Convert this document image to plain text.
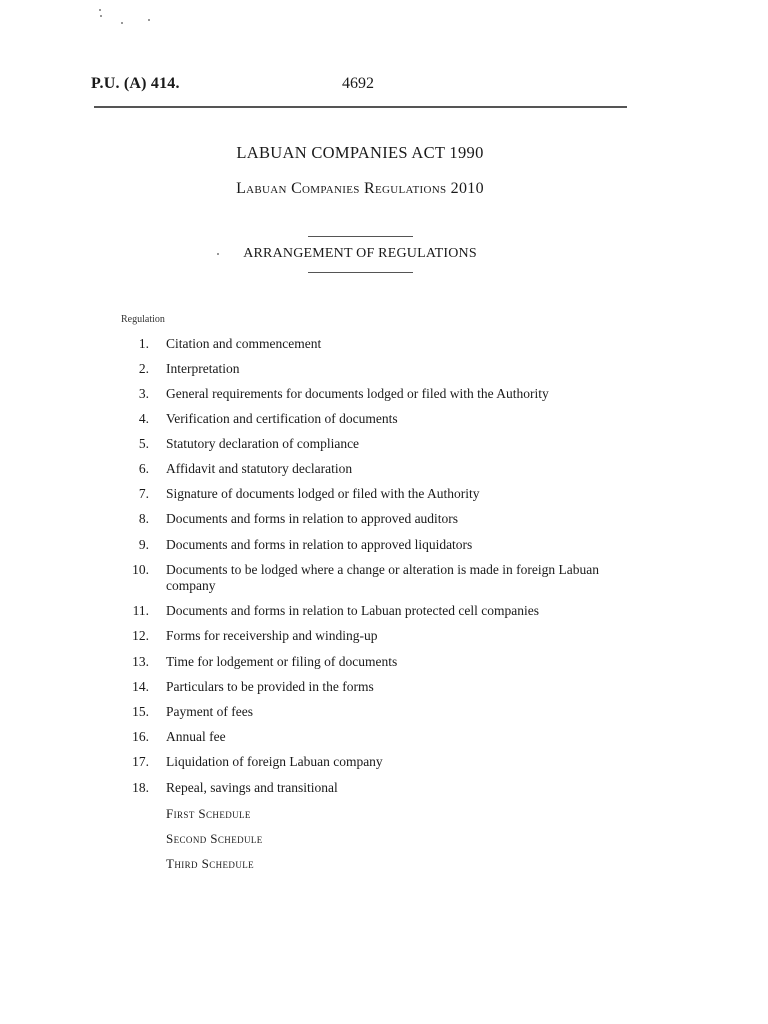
P.U. (A) 414.	4692
LABUAN COMPANIES ACT 1990
Labuan Companies Regulations 2010
ARRANGEMENT OF REGULATIONS
Regulation
1. Citation and commencement
2. Interpretation
3. General requirements for documents lodged or filed with the Authority
4. Verification and certification of documents
5. Statutory declaration of compliance
6. Affidavit and statutory declaration
7. Signature of documents lodged or filed with the Authority
8. Documents and forms in relation to approved auditors
9. Documents and forms in relation to approved liquidators
10. Documents to be lodged where a change or alteration is made in foreign Labuan company
11. Documents and forms in relation to Labuan protected cell companies
12. Forms for receivership and winding-up
13. Time for lodgement or filing of documents
14. Particulars to be provided in the forms
15. Payment of fees
16. Annual fee
17. Liquidation of foreign Labuan company
18. Repeal, savings and transitional
First Schedule
Second Schedule
Third Schedule
